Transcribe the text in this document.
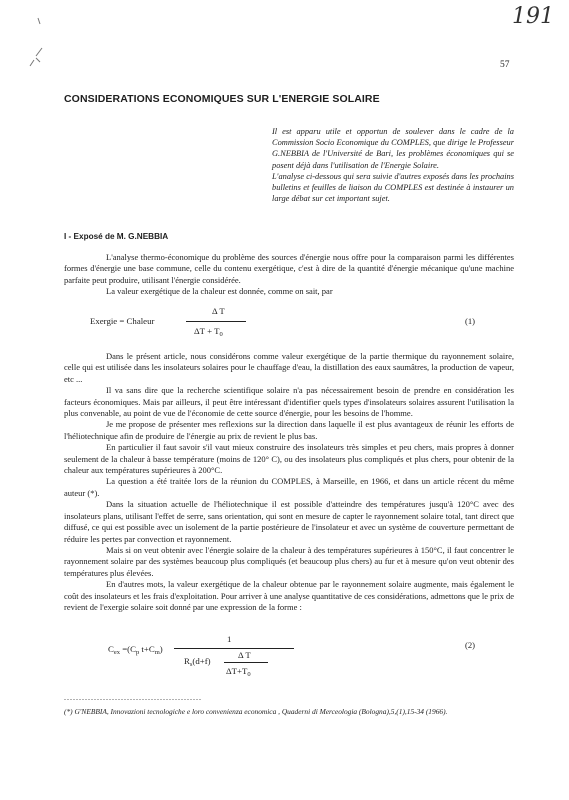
191
57
CONSIDERATIONS ECONOMIQUES SUR L'ENERGIE SOLAIRE

Il est apparu utile et opportun de soulever dans le cadre de la Commission Socio Economique du COMPLES, que dirige le Professeur G.NEBBIA de l'Université de Bari, les problèmes économiques qui se posent déjà dans l'utilisation de l'Energie Solaire.

L'analyse ci-dessous qui sera suivie d'autres exposés dans les prochains bulletins et feuilles de liaison du COMPLES est destinée à instaurer un large débat sur cet important sujet.

I - Exposé de M. G.NEBBIA

L'analyse thermo-économique du problème des sources d'énergie nous offre pour la comparaison parmi les différentes formes d'énergie une base commune, celle du contenu exergétique, c'est à dire de la quantité d'énergie mécanique qu'une machine parfaite peut produire, utilisant l'énergie considérée.

La valeur exergétique de la chaleur est donnée, comme on sait, par

Exergie = Chaleur
Δ T
$\Delta T + T_0$
(1)

Dans le présent article, nous considérons comme valeur exergétique de la partie thermique du rayonnement solaire, celle qui est utilisée dans les insolateurs solaires pour le chauffage d'eau, la distillation des eaux saumâtres, la production de vapeur, etc ...

Il va sans dire que la recherche scientifique solaire n'a pas nécessairement besoin de prendre en considération les facteurs économiques. Mais par ailleurs, il peut être intéressant d'identifier quels types d'insolateurs solaires assurent l'utilisation la plus convenable, au point de vue de l'économie de cette source d'énergie, pour les besoins de l'homme.

Je me propose de présenter mes reflexions sur la direction dans laquelle il est plus avantageux de réunir les efforts de l'héliotechnique afin de produire de l'énergie au prix de revient le plus bas.

En particulier il faut savoir s'il vaut mieux construire des insolateurs très simples et peu chers, mais propres à donner seulement de la chaleur à basse température (moins de 120° C), ou des insolateurs plus compliqués et plus chers, pour obtenir de la chaleur aux températures supérieures à 200°C.

La question a été traitée lors de la réunion du COMPLES, à Marseille, en 1966, et dans un article récent du même auteur (*).

Dans la situation actuelle de l'héliotechnique il est possible d'atteindre des températures jusqu'à 120°C avec des insolateurs plans, utilisant l'effet de serre, sans orientation, qui sont en mesure de capter le rayonnement solaire total, tant direct que diffusé, ce qui est possible avec un isolement de la partie postérieure de l'insolateur et avec un système de couverture permettant de réduire les pertes par convection et rayonnement.

Mais si on veut obtenir avec l'énergie solaire de la chaleur à des températures supérieures à 150°C, il faut concentrer le rayonnement solaire par des systèmes beaucoup plus compliqués (et beaucoup plus chers) au fur et à mesure qu'on veut obtenir des températures plus élevées.

En d'autres mots, la valeur exergétique de la chaleur obtenue par le rayonnement solaire augmente, mais également le coût des insolateurs et les frais d'exploitation. Pour arriver à une analyse quantitative de ces considérations, admettons que le prix de revient de l'exergie solaire soit donné par une expression de la forme :

$C_{ex} =(C_p$ $t+C_m$)
1
$R_s(d+f)$
Δ T
$\Delta T+T_0$
(2)
..............................................
(*) G'NEBBIA, Innovazioni tecnologiche e loro convenienza economica , Quaderni di Merceologia (Bologna),5,(1),15-34 (1966).
